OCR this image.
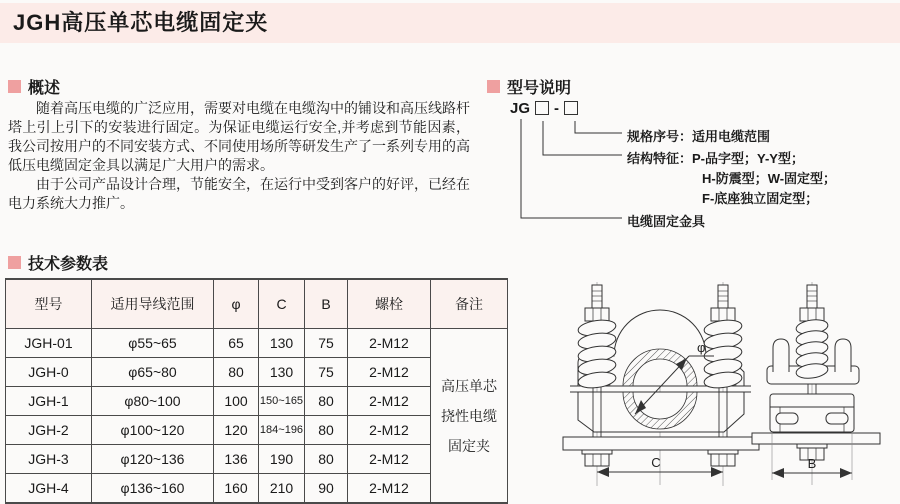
JGH高压单芯电缆固定夹
概述

随着高压电缆的广泛应用，需要对电缆在电缆沟中的铺设和高压线路杆塔上引上引下的安装进行固定。为保证电缆运行安全,并考虑到节能因素，我公司按用户的不同安装方式、不同使用场所等研发生产了一系列专用的高低压电缆固定金具以满足广大用户的需求。

由于公司产品设计合理，节能安全，在运行中受到客户的好评，已经在电力系统大力推广。

型号说明
JG -
规格序号：适用电缆范围
结构特征：P-品字型；Y-Y型；
H-防震型；W-固定型；
F-底座独立固定型；
电缆固定金具
技术参数表
型号	适用导线范围	φ	C	B	螺栓	备注
JGH-01	φ55~65	65	130	75	2-M12	高压单芯
挠性电缆
固定夹

JGH-0	φ65~80	80	130	75	2-M12	
JGH-1	φ80~100	100	150~165	80	2-M12	
JGH-2	φ100~120	120	184~196	80	2-M12	
JGH-3	φ120~136	136	190	80	2-M12	
JGH-4	φ136~160	160	210	90	2-M12	
φ
C	B
